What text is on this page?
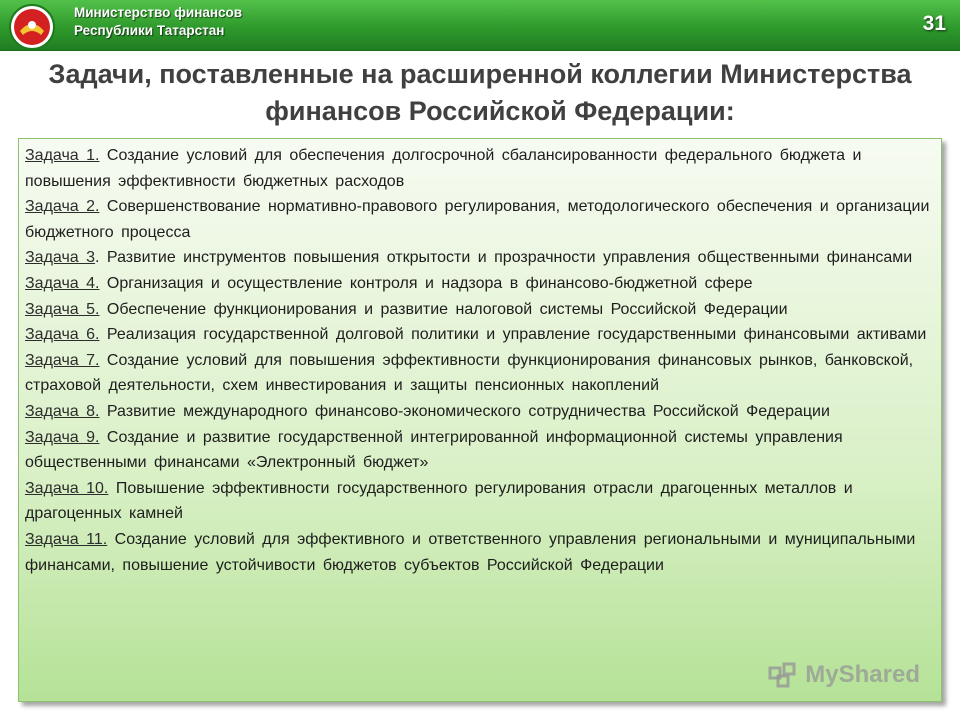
Министерство финансов
Республики Татарстан	31
Задачи, поставленные на расширенной коллегии Министерства
финансов Российской Федерации:
Задача 1. Создание условий для обеспечения долгосрочной сбалансированности федерального бюджета и повышения эффективности бюджетных расходов
Задача 2. Совершенствование нормативно-правового регулирования, методологического обеспечения и организации бюджетного процесса
Задача 3. Развитие инструментов повышения открытости и прозрачности управления общественными финансами
Задача 4. Организация и осуществление контроля и надзора в финансово-бюджетной сфере
Задача 5. Обеспечение функционирования и развитие налоговой системы Российской Федерации
Задача 6. Реализация государственной долговой политики и управление государственными финансовыми активами
Задача 7. Создание условий для повышения эффективности функционирования финансовых рынков, банковской, страховой деятельности, схем инвестирования и защиты пенсионных накоплений
Задача 8. Развитие международного финансово-экономического сотрудничества Российской Федерации
Задача 9. Создание и развитие государственной интегрированной информационной системы управления общественными финансами «Электронный бюджет»
Задача 10. Повышение эффективности государственного регулирования отрасли драгоценных металлов и драгоценных камней
Задача 11. Создание условий для эффективного и ответственного управления региональными и муниципальными финансами, повышение устойчивости бюджетов субъектов Российской Федерации
MyShared
